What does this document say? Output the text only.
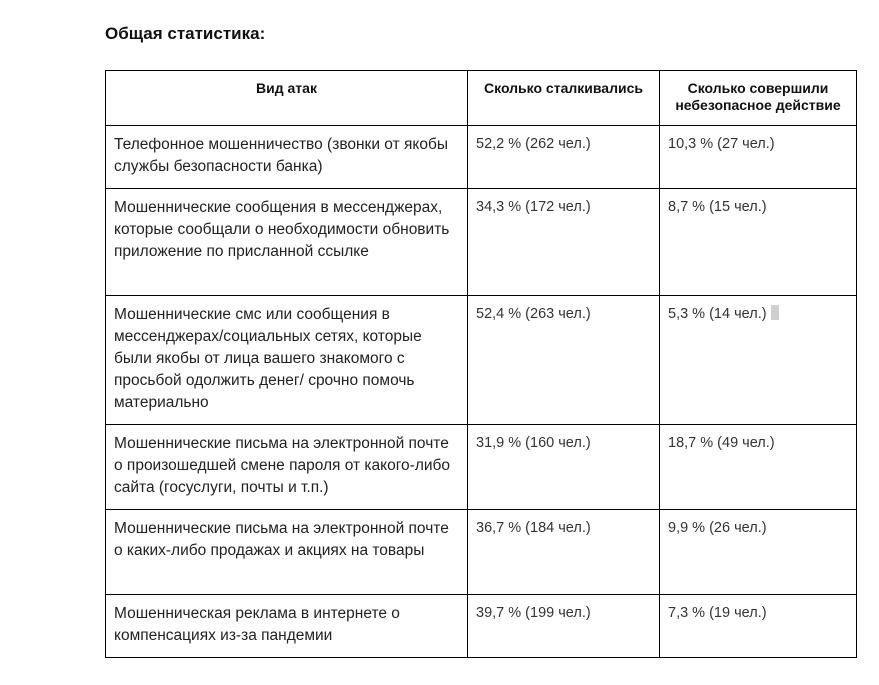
Общая статистика:
Вид атак	Сколько сталкивались	Сколько совершили небезопасное действие
Телефонное мошенничество (звонки от якобы службы безопасности банка)	52,2 % (262 чел.)	10,3 % (27 чел.)
Мошеннические сообщения в мессенджерах, которые сообщали о необходимости обновить приложение по присланной ссылке	34,3 % (172 чел.)	8,7 % (15 чел.)
Мошеннические смс или сообщения в мессенджерах/социальных сетях, которые были якобы от лица вашего знакомого с просьбой одолжить денег/ срочно помочь материально	52,4 % (263 чел.)	5,3 % (14 чел.)
Мошеннические письма на электронной почте о произошедшей смене пароля от какого-либо сайта (госуслуги, почты и т.п.)	31,9 % (160 чел.)	18,7 % (49 чел.)
Мошеннические письма на электронной почте о каких-либо продажах и акциях на товары	36,7 % (184 чел.)	9,9 % (26 чел.)
Мошенническая реклама в интернете о компенсациях из-за пандемии	39,7 % (199 чел.)	7,3 % (19 чел.)
